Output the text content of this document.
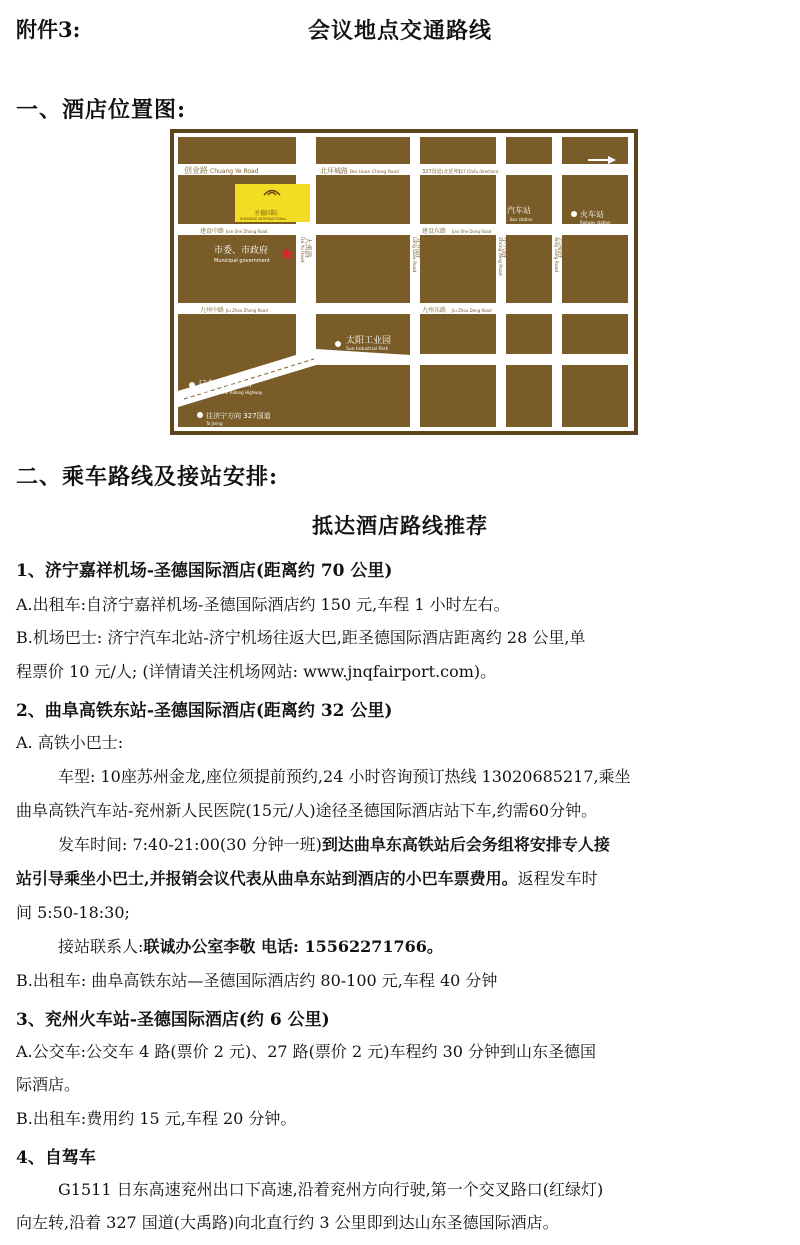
附件3:	会议地点交通路线
一、酒店位置图:
创业路 Chuang Ye Road	北环城路 Bei Huan Cheng Road	327国道(北延伸)
327 (Qufu direction)
圣德国际
SHENGDE INTERNATIONAL
建设中路 Jian She Zhong Road	建设东路 Jian She Dong Road
市委、市政府
Municipal government
汽车站
Bus station
火车站
Railway station
九州中路 Jiu Zhou Zhong Road	九州东路 Jiu Zhou Dong Road
太阳工业园
Sun Industrial Park
日东高速出口
Yanzhou Exit of Ridong Highway
往济宁方向 327国道
To Jining
大禹路
Da Yu Road	龙桥路
Long Qiao Road	中兴路
Zhong Xing Road	兴隆路
Xing Long Road
二、乘车路线及接站安排:
抵达酒店路线推荐
1、济宁嘉祥机场-圣德国际酒店(距离约 70 公里)
A.出租车:自济宁嘉祥机场-圣德国际酒店约 150 元,车程 1 小时左右。
B.机场巴士: 济宁汽车北站-济宁机场往返大巴,距圣德国际酒店距离约 28 公里,单
程票价 10 元/人; (详情请关注机场网站: www.jnqfairport.com)。
2、曲阜高铁东站-圣德国际酒店(距离约 32 公里)
A. 高铁小巴士:
车型: 10座苏州金龙,座位须提前预约,24 小时咨询预订热线 13020685217,乘坐
曲阜高铁汽车站-兖州新人民医院(15元/人)途径圣德国际酒店站下车,约需60分钟。
发车时间: 7:40-21:00(30 分钟一班)到达曲阜东高铁站后会务组将安排专人接
站引导乘坐小巴士,并报销会议代表从曲阜东站到酒店的小巴车票费用。返程发车时
间 5:50-18:30;
接站联系人:联诚办公室李敬 电话: 15562271766。
B.出租车: 曲阜高铁东站—圣德国际酒店约 80-100 元,车程 40 分钟
3、兖州火车站-圣德国际酒店(约 6 公里)
A.公交车:公交车 4 路(票价 2 元)、27 路(票价 2 元)车程约 30 分钟到山东圣德国
际酒店。
B.出租车:费用约 15 元,车程 20 分钟。
4、自驾车
G1511 日东高速兖州出口下高速,沿着兖州方向行驶,第一个交叉路口(红绿灯)
向左转,沿着 327 国道(大禹路)向北直行约 3 公里即到达山东圣德国际酒店。
